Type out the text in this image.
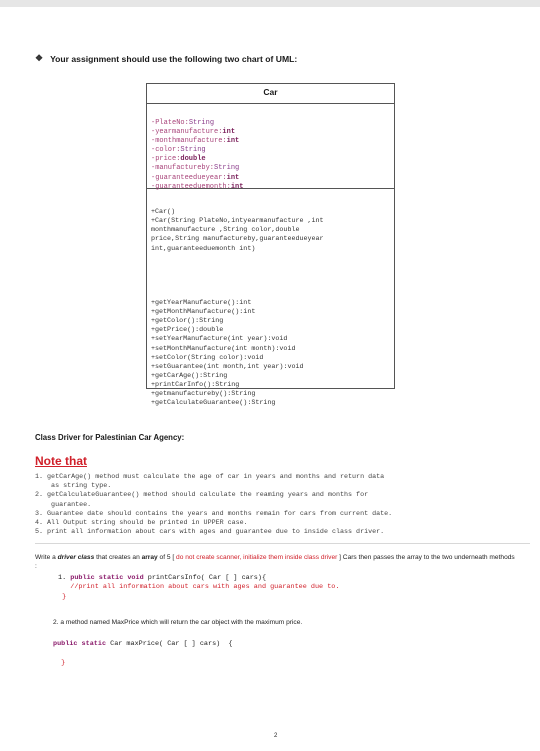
❖ Your assignment should use the following two chart of UML:
Car
-PlateNo:String
-yearmanufacture:int
-monthmanufacture:int
-color:String
-price:double
-manufactureby:String
-guaranteedueyear:int
-guaranteeduemonth:int

+Car()
+Car(String PlateNo,intyearmanufacture ,int
monthmanufacture ,String color,double
price,String manufactureby,guaranteedueyear
int,guaranteeduemonth int)

+getYearManufacture():int
+getMonthManufacture():int
+getColor():String
+getPrice():double
+setYearManufacture(int year):void
+setMonthManufacture(int month):void
+setColor(String color):void
+setGuarantee(int month,int year):void
+getCarAge():String
+printCarInfo():String
+getmanufactureby():String
+getCalculateGuarantee():String

Class Driver for Palestinian Car Agency:
Note that
1. getCarAge() method must calculate the age of car in years and months and return data
as string type.
2. getCalculateGuarantee() method should calculate the reaming years and months for
guarantee.
3. Guarantee date should contains the years and months remain for cars from current date.
4. All Output string should be printed in UPPER case.
5. print all information about cars with ages and guarantee due to inside class driver.
Write a driver class that creates an array of 5 [ do not create scanner, initialize them inside class driver ] Cars then passes the array to the two underneath methods :
1. public static void printCarsInfo( Car [ ] cars){
//print all information about cars with ages and guarantee due to.
}
2. a method named MaxPrice which will return the car object with the maximum price.
public static Car maxPrice( Car [ ] cars)  {

}
2
